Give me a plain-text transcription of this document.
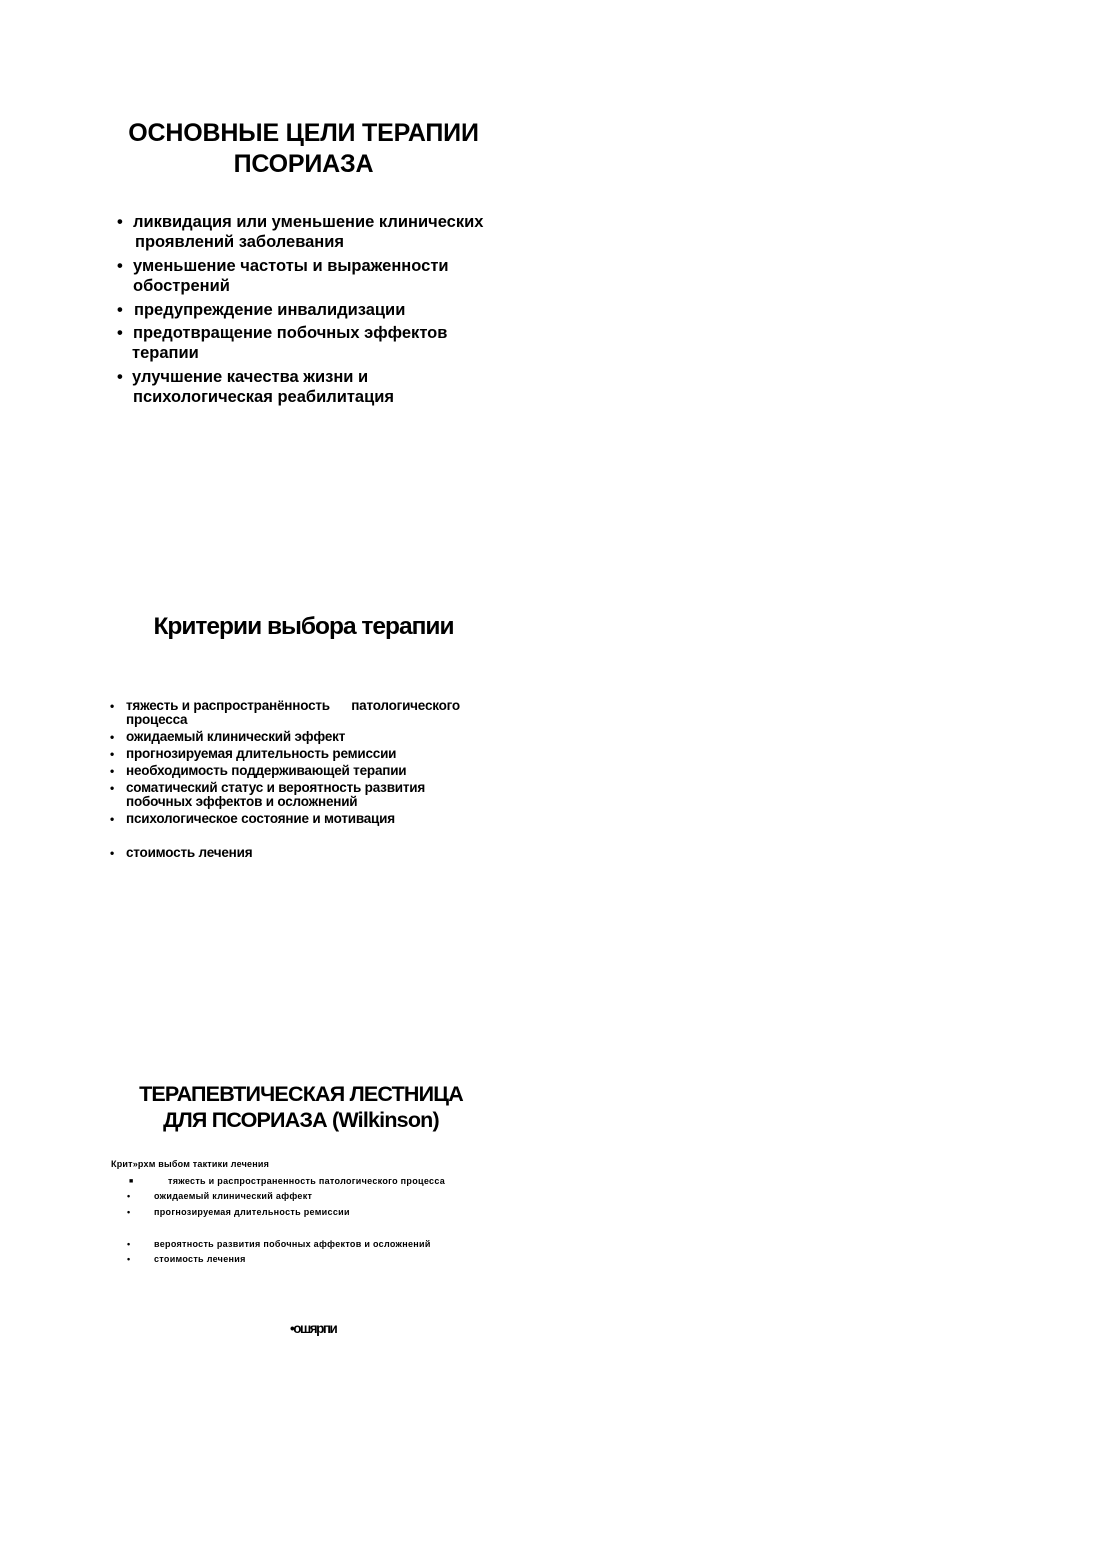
ОСНОВНЫЕ ЦЕЛИ ТЕРАПИИ
ПСОРИАЗА
• ликвидация или уменьшение клинических
проявлений заболевания
• уменьшение частоты и выраженности
обострений
• предупреждение инвалидизации
• предотвращение побочных эффектов
терапии
• улучшение качества жизни и
психологическая реабилитация
Критерии выбора терапии
• тяжесть и распространённость      патологического
процесса
• ожидаемый клинический эффект
• прогнозируемая длительность ремиссии
• необходимость поддерживающей терапии
• соматический статус и вероятность развития
побочных эффектов и осложнений
• психологическое состояние и мотивация
• стоимость лечения
ТЕРАПЕВТИЧЕСКАЯ ЛЕСТНИЦА
ДЛЯ ПСОРИАЗА (Wilkinson)

Крит»рхм выбом тактики лечения

■	тяжесть и распространенность патологического процесса
•	ожидаемый клинический аффект
•	прогнозируемая длительность ремиссии
•	вероятность развития побочных аффектов и осложнений
•	стоимость лечения

•ошярпи
